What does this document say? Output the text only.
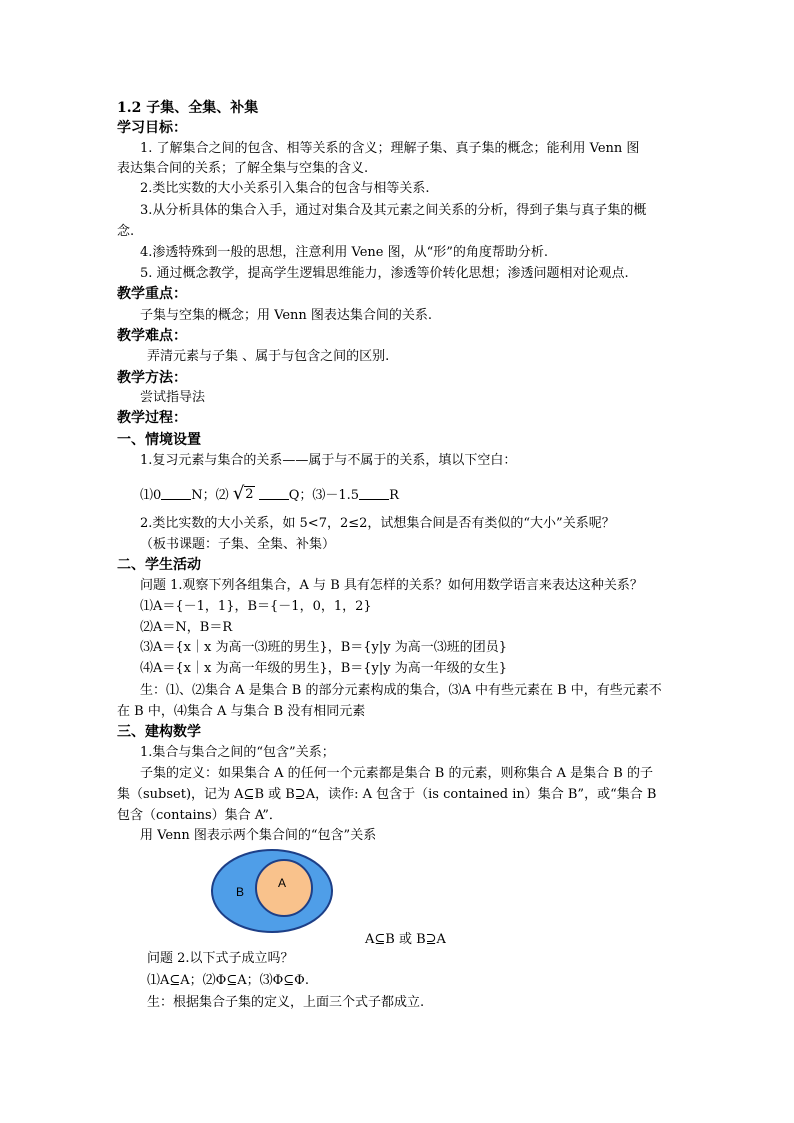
1.2 子集、全集、补集
学习目标：
1. 了解集合之间的包含、相等关系的含义；理解子集、真子集的概念；能利用 Venn 图
表达集合间的关系；了解全集与空集的含义.
2.类比实数的大小关系引入集合的包含与相等关系.
3.从分析具体的集合入手，通过对集合及其元素之间关系的分析，得到子集与真子集的概
念.
4.渗透特殊到一般的思想，注意利用 Vene 图，从“形”的角度帮助分析.
5. 通过概念教学，提高学生逻辑思维能力，渗透等价转化思想；渗透问题相对论观点.
教学重点：
子集与空集的概念；用 Venn 图表达集合间的关系.
教学难点：
弄清元素与子集 、属于与包含之间的区别.
教学方法：
尝试指导法
教学过程：
一、情境设置
1.复习元素与集合的关系——属于与不属于的关系，填以下空白：
⑴0 N；⑵ √ 2	Q；⑶－1.5 R
2.类比实数的大小关系，如 5<7，2≤2，试想集合间是否有类似的“大小”关系呢？
（板书课题：子集、全集、补集）
二、学生活动
问题 1.观察下列各组集合，A 与 B 具有怎样的关系？如何用数学语言来表达这种关系？
⑴A＝{－1，1}，B＝{－1，0，1，2}
⑵A＝N，B＝R
⑶A＝{x｜x 为高一⑶班的男生}，B＝{y|y 为高一⑶班的团员}
⑷A＝{x｜x 为高一年级的男生}，B＝{y|y 为高一年级的女生}
生：⑴、⑵集合 A 是集合 B 的部分元素构成的集合，⑶A 中有些元素在 B 中，有些元素不
在 B 中，⑷集合 A 与集合 B 没有相同元素
三、建构数学
1.集合与集合之间的“包含”关系；
子集的定义：如果集合 A 的任何一个元素都是集合 B 的元素，则称集合 A 是集合 B 的子
集（subset)，记为 A⊆B 或 B⊇A，读作: A 包含于（is contained in）集合 B”，或“集合 B
包含（contains）集合 A”．
用 Venn 图表示两个集合间的“包含”关系
B
A
A⊆B 或 B⊇A
问题 2.以下式子成立吗？
⑴A⊆A；⑵Φ⊆A；⑶Φ⊆Φ.
生：根据集合子集的定义，上面三个式子都成立.
